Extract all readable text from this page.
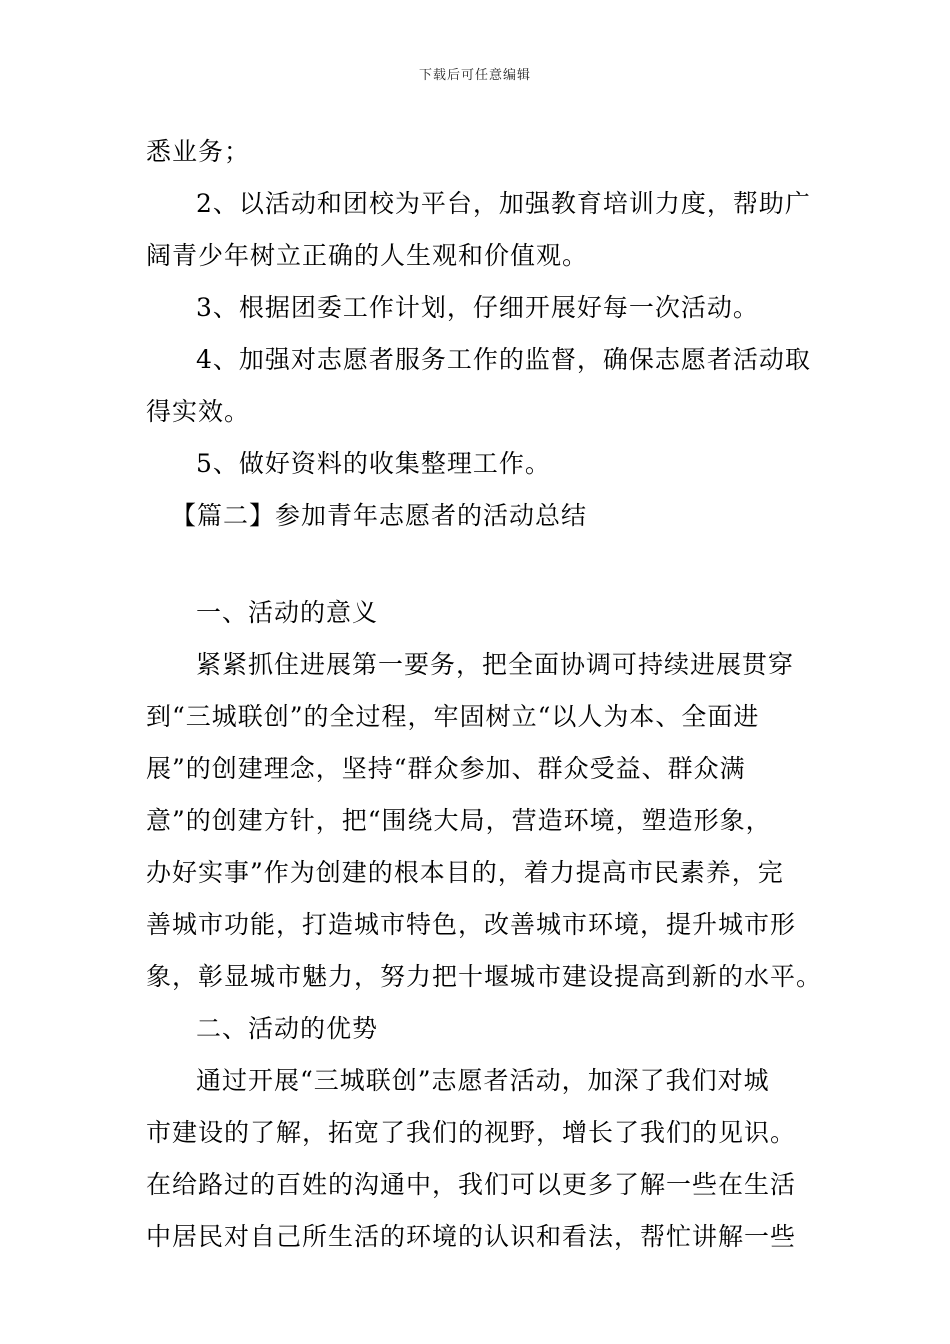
下载后可任意编辑
悉业务；
2、以活动和团校为平台，加强教育培训力度，帮助广
阔青少年树立正确的人生观和价值观。
3、根据团委工作计划，仔细开展好每一次活动。
4、加强对志愿者服务工作的监督，确保志愿者活动取
得实效。
5、做好资料的收集整理工作。
【篇二】参加青年志愿者的活动总结
一、活动的意义
紧紧抓住进展第一要务，把全面协调可持续进展贯穿
到“三城联创”的全过程，牢固树立“以人为本、全面进
展”的创建理念，坚持“群众参加、群众受益、群众满
意”的创建方针，把“围绕大局，营造环境，塑造形象，
办好实事”作为创建的根本目的，着力提高市民素养，完
善城市功能，打造城市特色，改善城市环境，提升城市形
象，彰显城市魅力，努力把十堰城市建设提高到新的水平。
二、活动的优势
通过开展“三城联创”志愿者活动，加深了我们对城
市建设的了解，拓宽了我们的视野，增长了我们的见识。
在给路过的百姓的沟通中，我们可以更多了解一些在生活
中居民对自己所生活的环境的认识和看法，帮忙讲解一些
